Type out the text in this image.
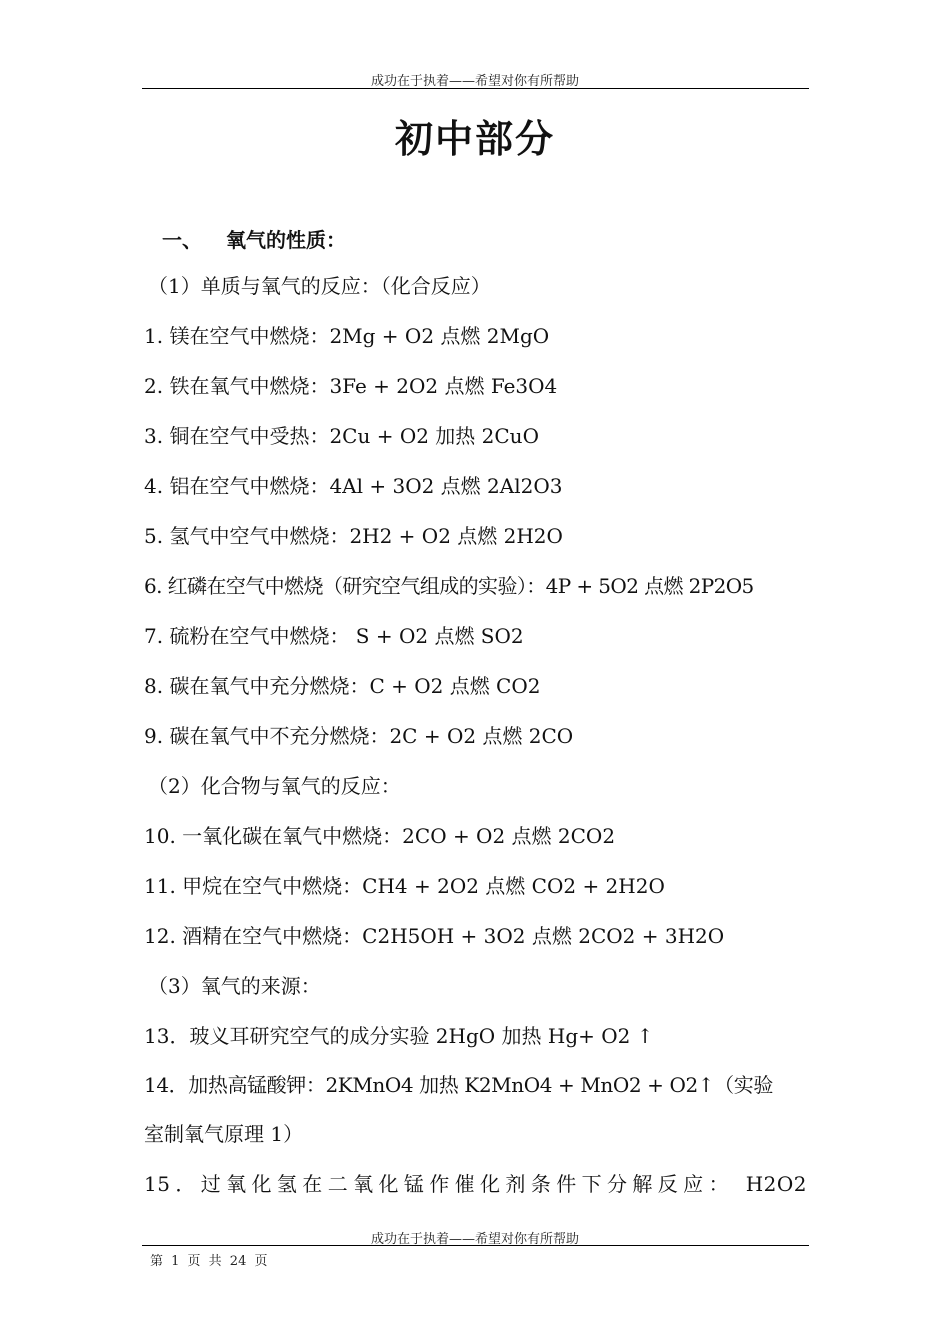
成功在于执着——希望对你有所帮助
初中部分
一、 氧气的性质：
（1）单质与氧气的反应：（化合反应）
1. 镁在空气中燃烧：2Mg + O2 点燃 2MgO
2. 铁在氧气中燃烧：3Fe + 2O2 点燃 Fe3O4
3. 铜在空气中受热：2Cu + O2 加热 2CuO
4. 铝在空气中燃烧：4Al + 3O2 点燃 2Al2O3
5. 氢气中空气中燃烧：2H2 + O2 点燃 2H2O
6. 红磷在空气中燃烧（研究空气组成的实验）：4P + 5O2 点燃 2P2O5
7. 硫粉在空气中燃烧： S + O2 点燃 SO2
8. 碳在氧气中充分燃烧：C + O2 点燃 CO2
9. 碳在氧气中不充分燃烧：2C + O2 点燃 2CO
（2）化合物与氧气的反应：
10. 一氧化碳在氧气中燃烧：2CO + O2 点燃 2CO2
11. 甲烷在空气中燃烧：CH4 + 2O2 点燃 CO2 + 2H2O
12. 酒精在空气中燃烧：C2H5OH + 3O2 点燃 2CO2 + 3H2O
（3）氧气的来源：
13．玻义耳研究空气的成分实验 2HgO 加热 Hg+ O2 ↑
14．加热高锰酸钾：2KMnO4 加热 K2MnO4 + MnO2 + O2↑（实验
室制氧气原理 1）
15．过氧化氢在二氧化锰作催化剂条件下分解反应： H2O2
成功在于执着——希望对你有所帮助
第 1 页 共 24 页
